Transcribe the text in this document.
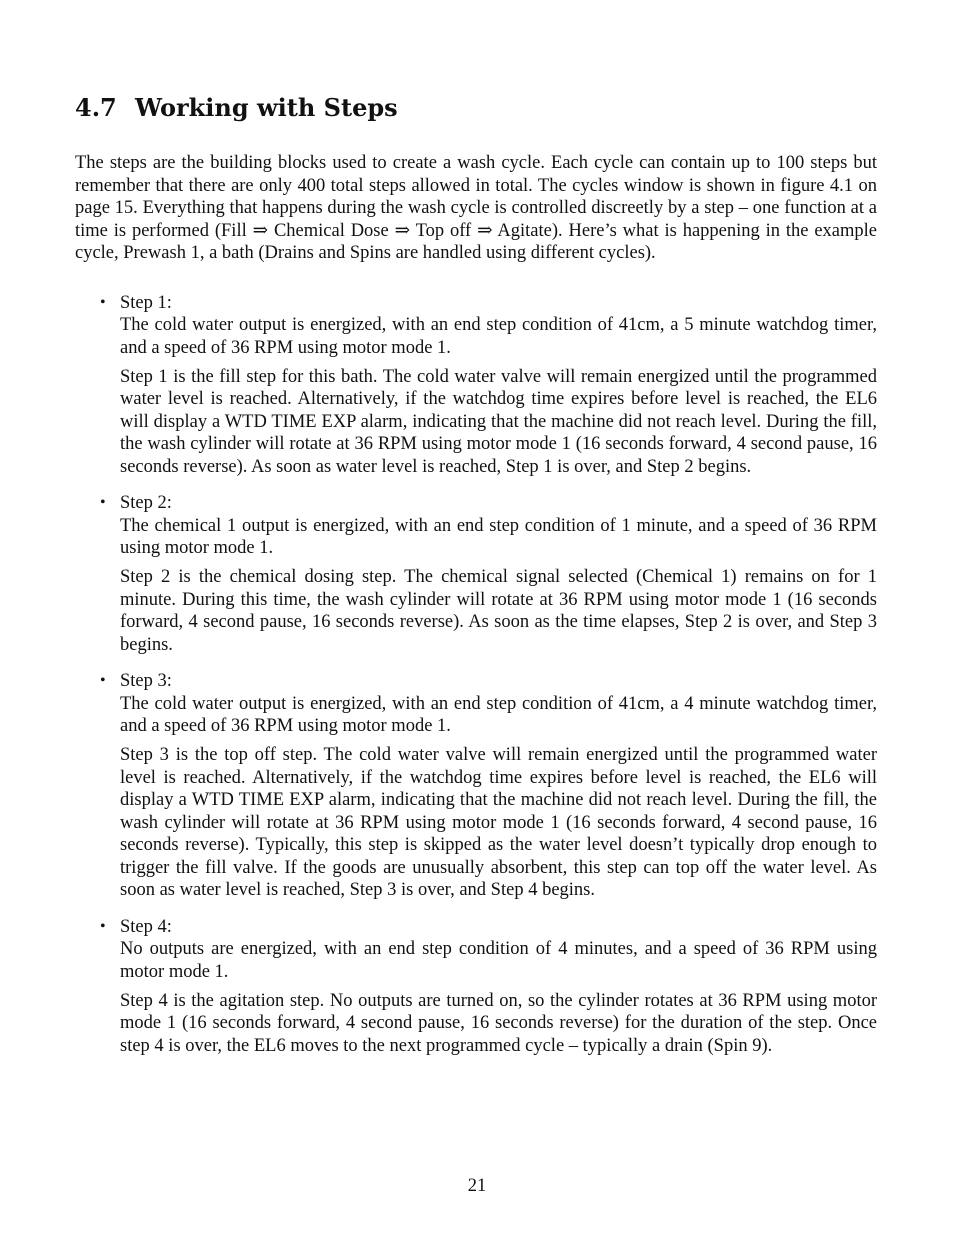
4.7 Working with Steps

The steps are the building blocks used to create a wash cycle. Each cycle can contain up to 100 steps but remember that there are only 400 total steps allowed in total. The cycles window is shown in figure 4.1 on page 15. Everything that happens during the wash cycle is controlled discreetly by a step – one function at a time is performed (Fill ⇒ Chemical Dose ⇒ Top off ⇒ Agitate). Here’s what is happening in the example cycle, Prewash 1, a bath (Drains and Spins are handled using different cycles).

• Step 1:

The cold water output is energized, with an end step condition of 41cm, a 5 minute watchdog timer, and a speed of 36 RPM using motor mode 1.

Step 1 is the fill step for this bath. The cold water valve will remain energized until the programmed water level is reached. Alternatively, if the watchdog time expires before level is reached, the EL6 will display a WTD TIME EXP alarm, indicating that the machine did not reach level. During the fill, the wash cylinder will rotate at 36 RPM using motor mode 1 (16 seconds forward, 4 second pause, 16 seconds reverse). As soon as water level is reached, Step 1 is over, and Step 2 begins.

• Step 2:

The chemical 1 output is energized, with an end step condition of 1 minute, and a speed of 36 RPM using motor mode 1.

Step 2 is the chemical dosing step. The chemical signal selected (Chemical 1) remains on for 1 minute. During this time, the wash cylinder will rotate at 36 RPM using motor mode 1 (16 seconds forward, 4 second pause, 16 seconds reverse). As soon as the time elapses, Step 2 is over, and Step 3 begins.

• Step 3:

The cold water output is energized, with an end step condition of 41cm, a 4 minute watchdog timer, and a speed of 36 RPM using motor mode 1.

Step 3 is the top off step. The cold water valve will remain energized until the programmed water level is reached. Alternatively, if the watchdog time expires before level is reached, the EL6 will display a WTD TIME EXP alarm, indicating that the machine did not reach level. During the fill, the wash cylinder will rotate at 36 RPM using motor mode 1 (16 seconds forward, 4 second pause, 16 seconds reverse). Typically, this step is skipped as the water level doesn’t typically drop enough to trigger the fill valve. If the goods are unusually absorbent, this step can top off the water level. As soon as water level is reached, Step 3 is over, and Step 4 begins.

• Step 4:

No outputs are energized, with an end step condition of 4 minutes, and a speed of 36 RPM using motor mode 1.

Step 4 is the agitation step. No outputs are turned on, so the cylinder rotates at 36 RPM using motor mode 1 (16 seconds forward, 4 second pause, 16 seconds reverse) for the duration of the step. Once step 4 is over, the EL6 moves to the next programmed cycle – typically a drain (Spin 9).

21
